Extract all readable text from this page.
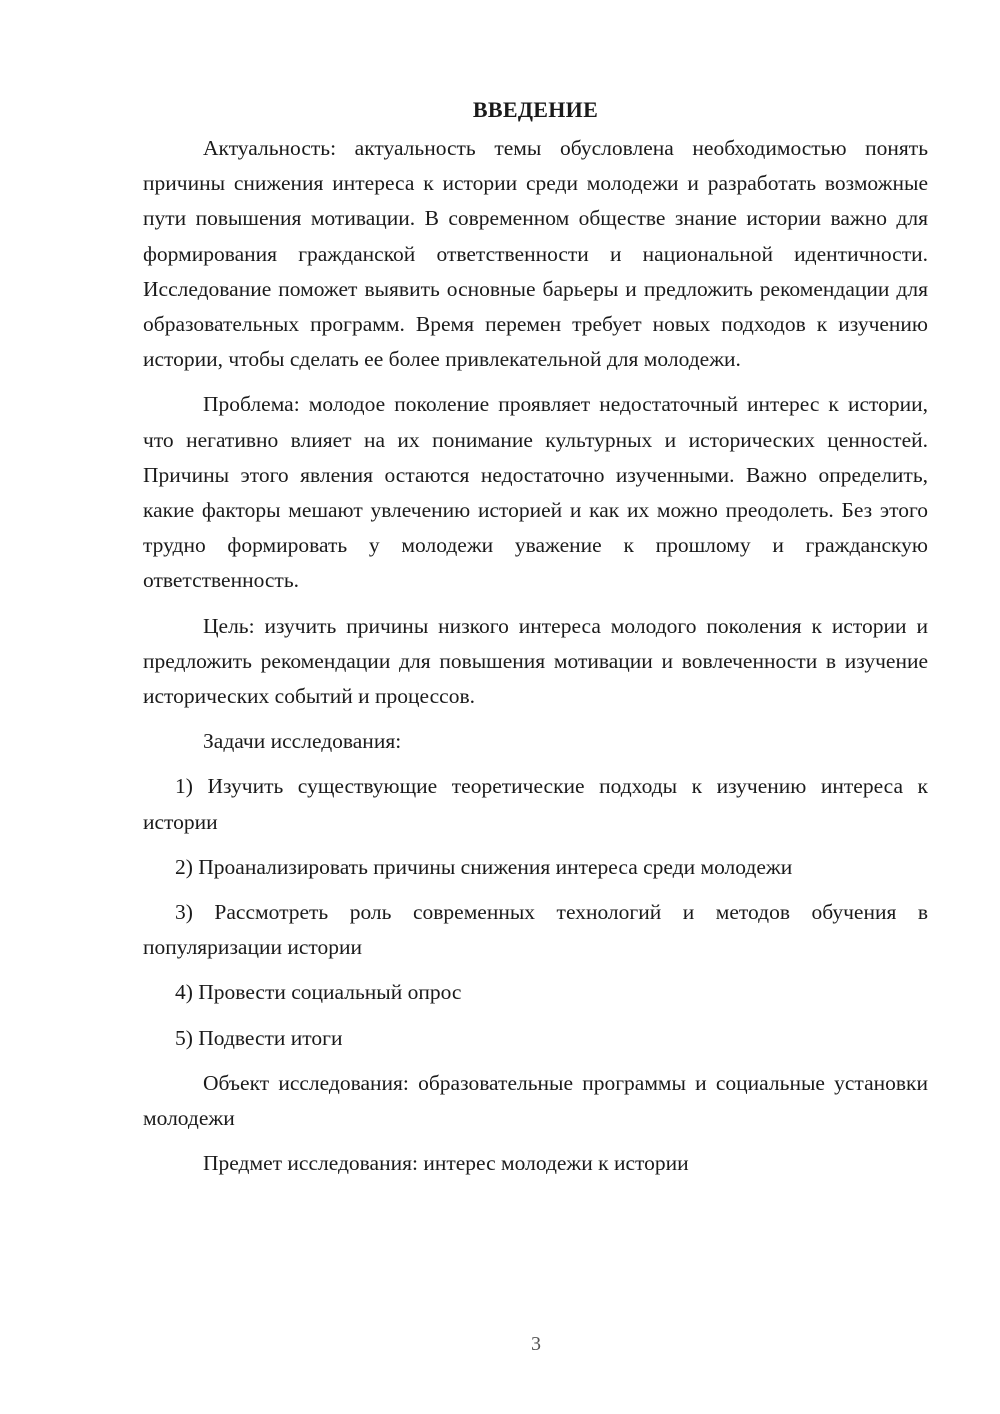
ВВЕДЕНИЕ

Актуальность: актуальность темы обусловлена необходимостью понять причины снижения интереса к истории среди молодежи и разработать возможные пути повышения мотивации. В современном обществе знание истории важно для формирования гражданской ответственности и национальной идентичности. Исследование поможет выявить основные барьеры и предложить рекомендации для образовательных программ. Время перемен требует новых подходов к изучению истории, чтобы сделать ее более привлекательной для молодежи.

Проблема: молодое поколение проявляет недостаточный интерес к истории, что негативно влияет на их понимание культурных и исторических ценностей. Причины этого явления остаются недостаточно изученными. Важно определить, какие факторы мешают увлечению историей и как их можно преодолеть. Без этого трудно формировать у молодежи уважение к прошлому и гражданскую ответственность.

Цель: изучить причины низкого интереса молодого поколения к истории и предложить рекомендации для повышения мотивации и вовлеченности в изучение исторических событий и процессов.

Задачи исследования:

1) Изучить существующие теоретические подходы к изучению интереса к истории

2) Проанализировать причины снижения интереса среди молодежи

3) Рассмотреть роль современных технологий и методов обучения в популяризации истории

4) Провести социальный опрос

5) Подвести итоги

Объект исследования: образовательные программы и социальные установки молодежи

Предмет исследования: интерес молодежи к истории

3
